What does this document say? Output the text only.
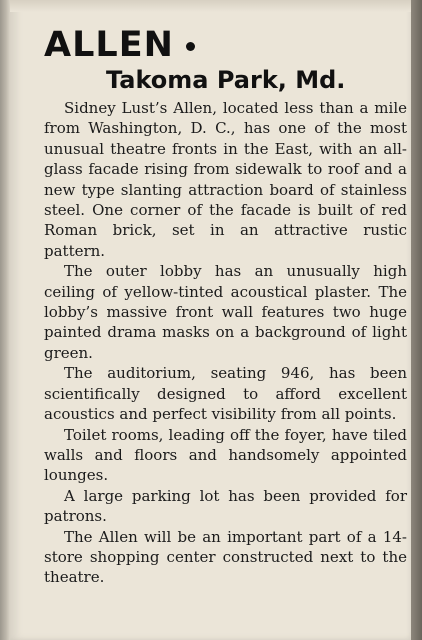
ALLEN
Takoma Park, Md.

Sidney Lust’s Allen, located less than a mile from Washington, D. C., has one of the most unusual theatre fronts in the East, with an all-glass facade rising from sidewalk to roof and a new type slanting attraction board of stainless steel. One corner of the facade is built of red Roman brick, set in an attractive rustic pattern.

The outer lobby has an unusually high ceiling of yellow-tinted acoustical plaster. The lobby’s massive front wall features two huge painted drama masks on a background of light green.

The auditorium, seating 946, has been scientifically designed to afford excellent acoustics and perfect visibility from all points.

Toilet rooms, leading off the foyer, have tiled walls and floors and handsomely appointed lounges.

A large parking lot has been provided for patrons.

The Allen will be an important part of a 14-store shopping center constructed next to the theatre.
